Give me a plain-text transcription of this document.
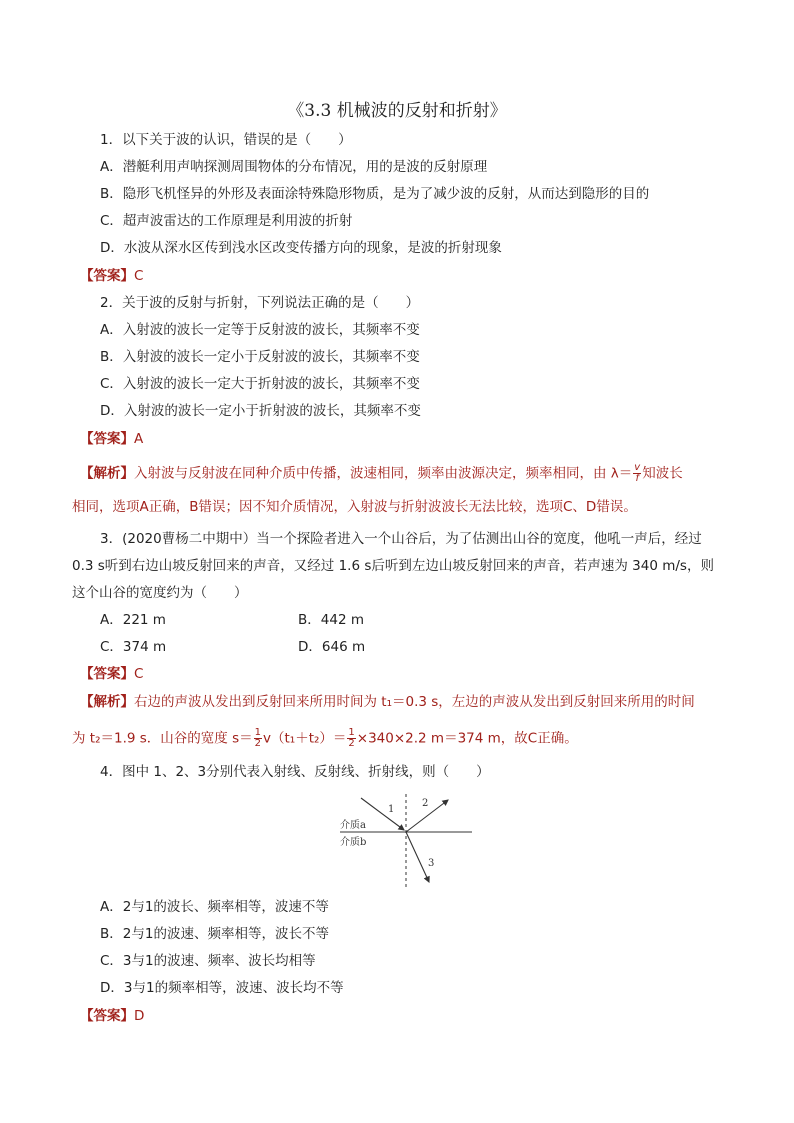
《3.3 机械波的反射和折射》
1．以下关于波的认识，错误的是（　　）
A．潜艇利用声呐探测周围物体的分布情况，用的是波的反射原理
B．隐形飞机怪异的外形及表面涂特殊隐形物质，是为了减少波的反射，从而达到隐形的目的
C．超声波雷达的工作原理是利用波的折射
D．水波从深水区传到浅水区改变传播方向的现象，是波的折射现象
【答案】C
2．关于波的反射与折射，下列说法正确的是（　　）
A．入射波的波长一定等于反射波的波长，其频率不变
B．入射波的波长一定小于反射波的波长，其频率不变
C．入射波的波长一定大于折射波的波长，其频率不变
D．入射波的波长一定小于折射波的波长，其频率不变
【答案】A
【解析】入射波与反射波在同种介质中传播，波速相同，频率由波源决定，频率相同，由 $\lambda= \frac{v}{f}$ 知波长
相同，选项A正确，B错误；因不知介质情况，入射波与折射波波长无法比较，选项C、D错误。
3．(2020曹杨二中期中）当一个探险者进入一个山谷后，为了估测出山谷的宽度，他吼一声后，经过
0.3 s听到右边山坡反射回来的声音，又经过 1.6 s后听到左边山坡反射回来的声音，若声速为 340 m/s，则
这个山谷的宽度约为（　　）
A．221 m	B．442 m
C．374 m	D．646 m
【答案】C
【解析】右边的声波从发出到反射回来所用时间为 t₁＝0.3 s，左边的声波从发出到反射回来所用的时间
为 t₂＝1.9 s．山谷的宽度 $s= \frac{1}{2} v(t_1+t_2)= \frac{1}{2} \times 340\times 2.2$ m＝374 m，故C正确。
4．图中 1、2、3分别代表入射线、反射线、折射线，则（　　）
1
2
3
介质a
介质b
A．2与1的波长、频率相等，波速不等
B．2与1的波速、频率相等，波长不等
C．3与1的波速、频率、波长均相等
D．3与1的频率相等，波速、波长均不等
【答案】D
